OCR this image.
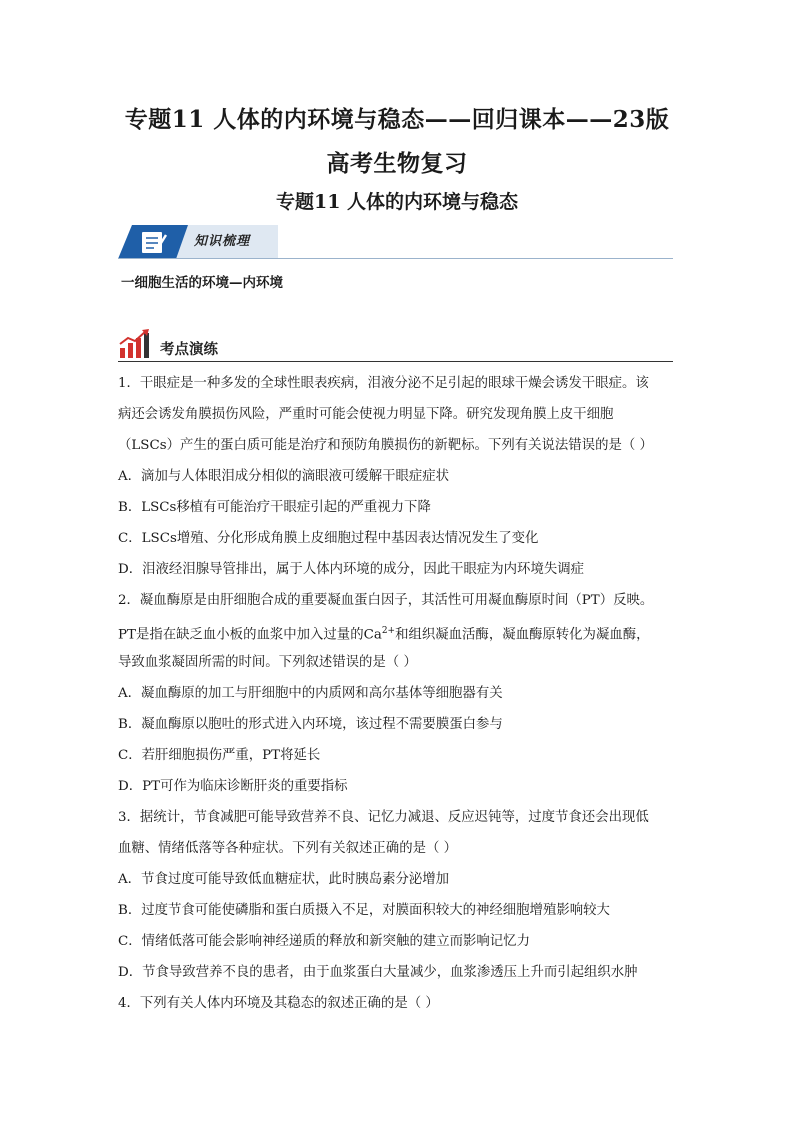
专题11 人体的内环境与稳态——回归课本——23版
高考生物复习
专题11 人体的内环境与稳态
知识梳理
一细胞生活的环境—内环境
考点演练
1．干眼症是一种多发的全球性眼表疾病，泪液分泌不足引起的眼球干燥会诱发干眼症。该
病还会诱发角膜损伤风险，严重时可能会使视力明显下降。研究发现角膜上皮干细胞
（LSCs）产生的蛋白质可能是治疗和预防角膜损伤的新靶标。下列有关说法错误的是（ ）
A．滴加与人体眼泪成分相似的滴眼液可缓解干眼症症状
B．LSCs移植有可能治疗干眼症引起的严重视力下降
C．LSCs增殖、分化形成角膜上皮细胞过程中基因表达情况发生了变化
D．泪液经泪腺导管排出，属于人体内环境的成分，因此干眼症为内环境失调症
2．凝血酶原是由肝细胞合成的重要凝血蛋白因子，其活性可用凝血酶原时间（PT）反映。
PT是指在缺乏血小板的血浆中加入过量的$Ca^{2+}$和组织凝血活酶，凝血酶原转化为凝血酶，
导致血浆凝固所需的时间。下列叙述错误的是（ ）
A．凝血酶原的加工与肝细胞中的内质网和高尔基体等细胞器有关
B．凝血酶原以胞吐的形式进入内环境，该过程不需要膜蛋白参与
C．若肝细胞损伤严重，PT将延长
D．PT可作为临床诊断肝炎的重要指标
3．据统计，节食减肥可能导致营养不良、记忆力减退、反应迟钝等，过度节食还会出现低
血糖、情绪低落等各种症状。下列有关叙述正确的是（ ）
A．节食过度可能导致低血糖症状，此时胰岛素分泌增加
B．过度节食可能使磷脂和蛋白质摄入不足，对膜面积较大的神经细胞增殖影响较大
C．情绪低落可能会影响神经递质的释放和新突触的建立而影响记忆力
D．节食导致营养不良的患者，由于血浆蛋白大量减少，血浆渗透压上升而引起组织水肿
4．下列有关人体内环境及其稳态的叙述正确的是（ ）
